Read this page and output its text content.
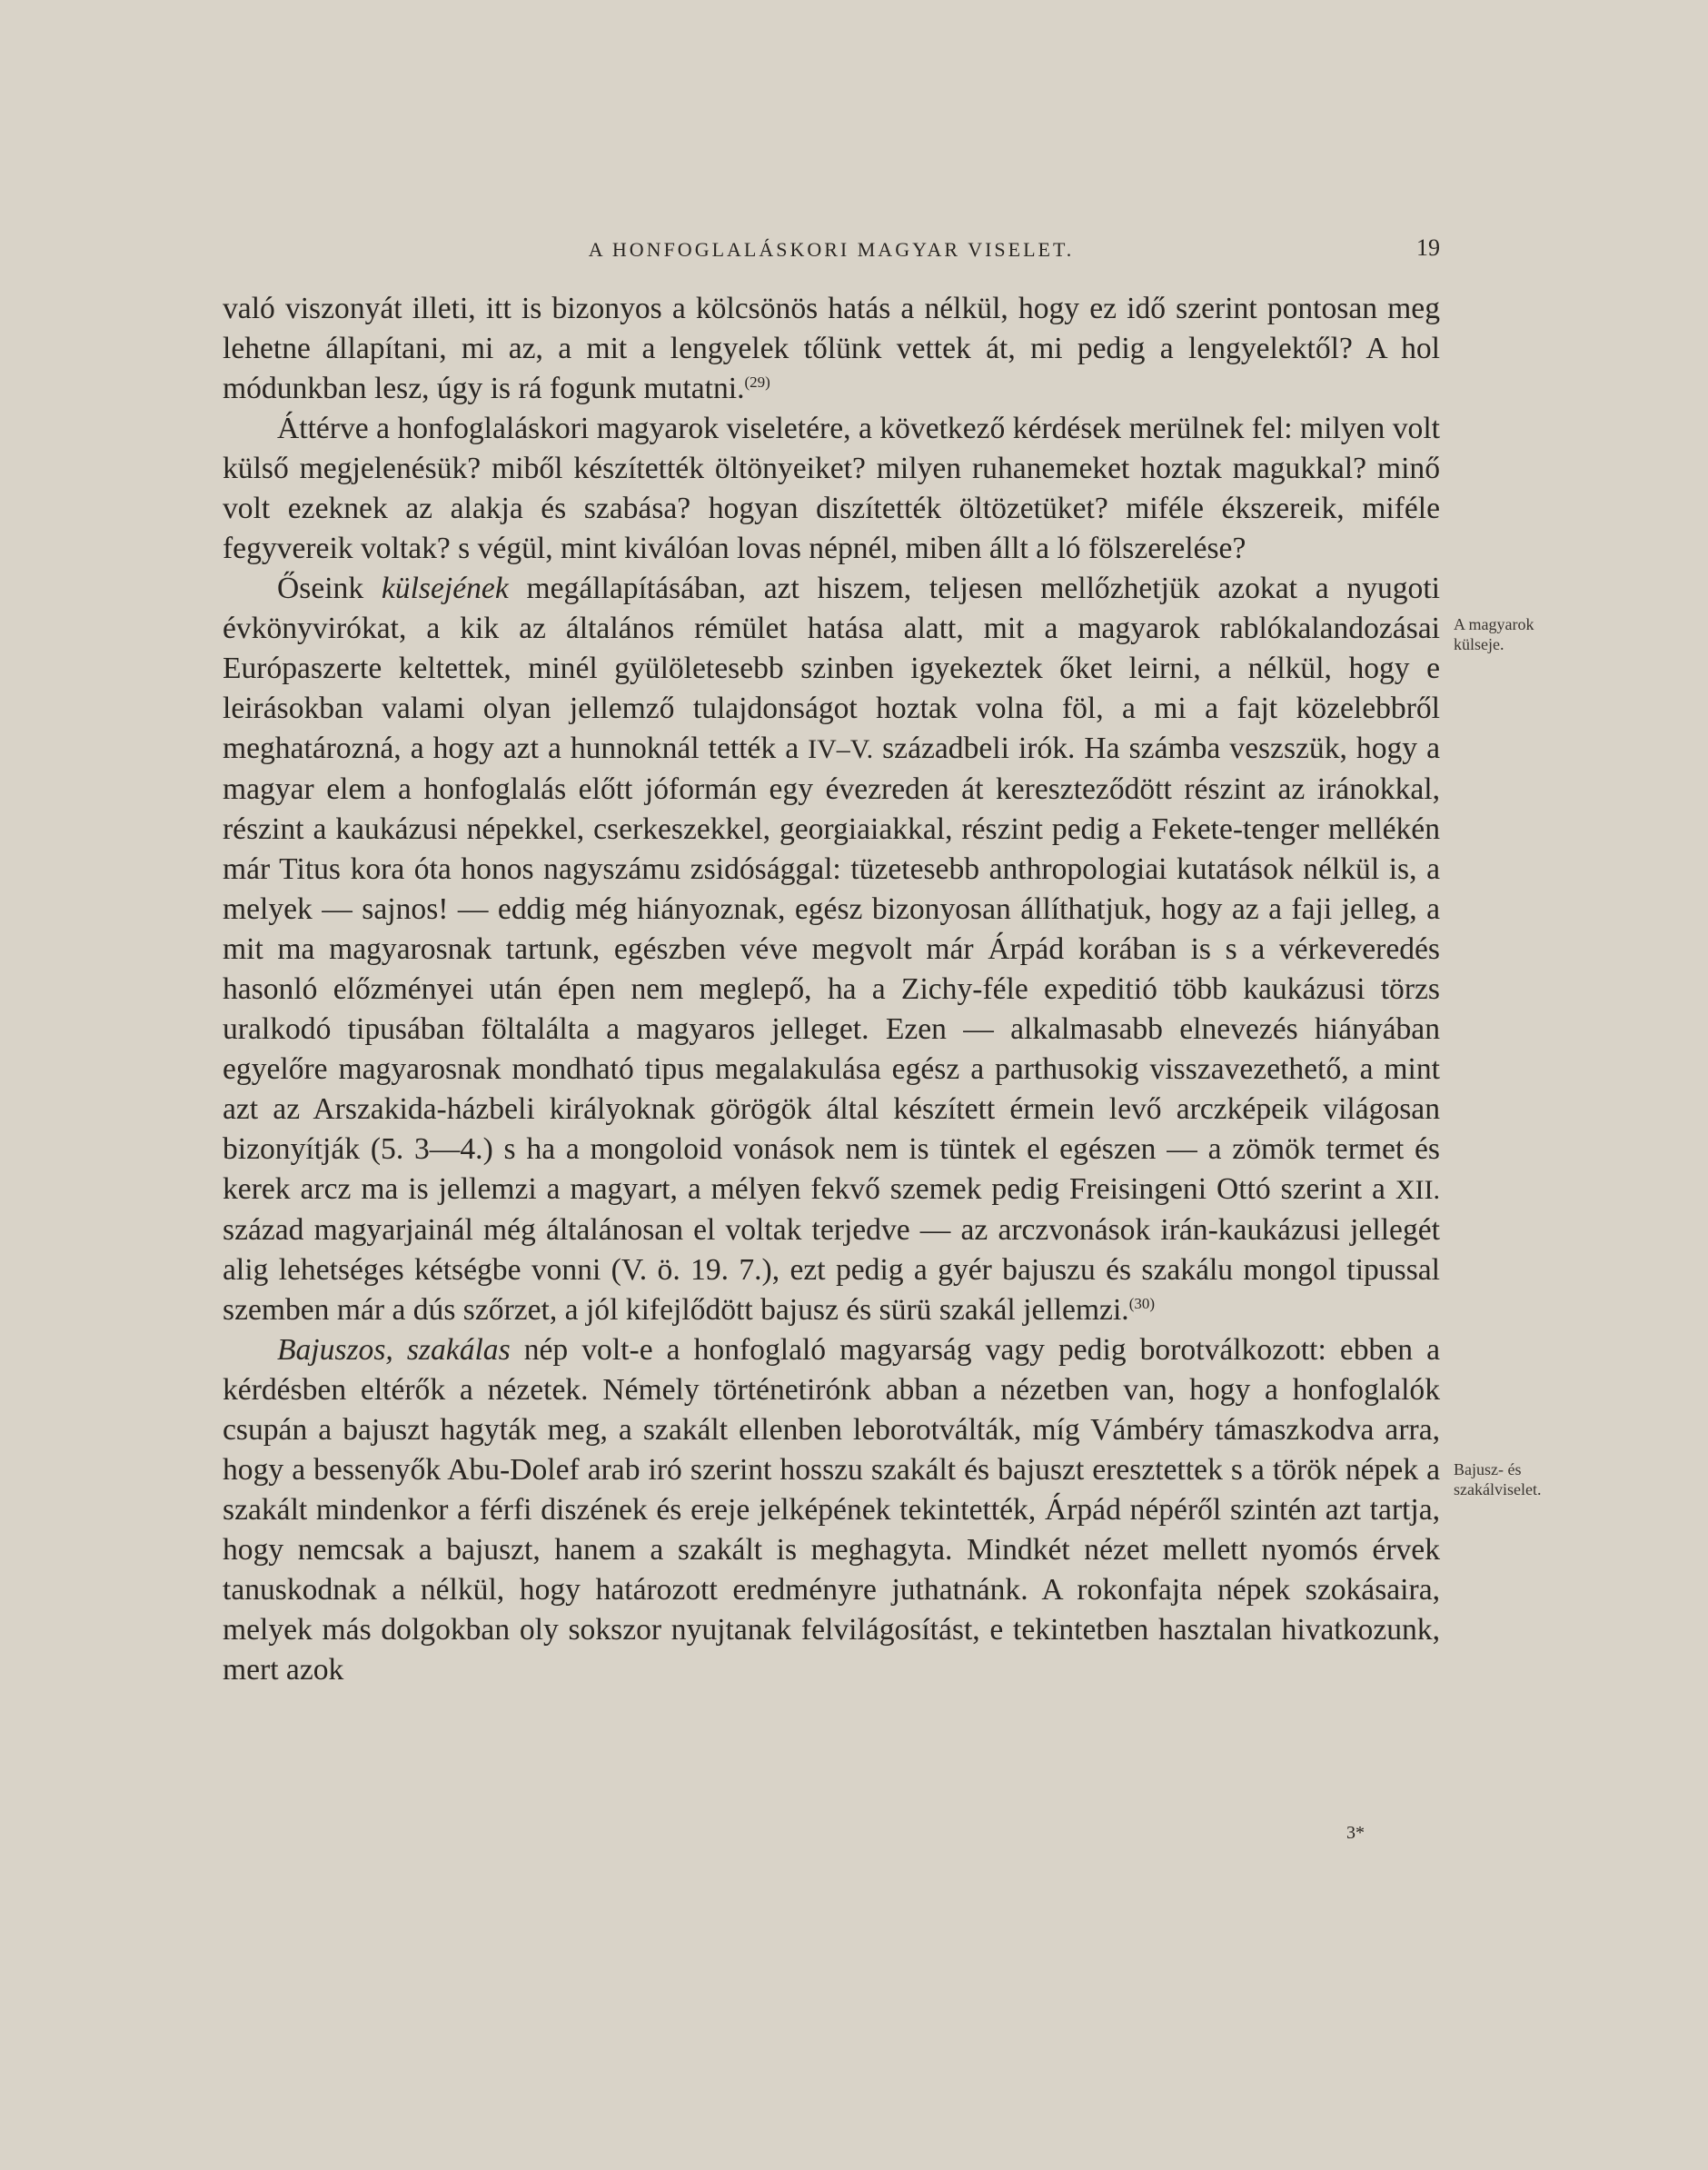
A HONFOGLALÁSKORI MAGYAR VISELET.	19

való viszonyát illeti, itt is bizonyos a kölcsönös hatás a nélkül, hogy ez idő szerint pontosan meg lehetne állapítani, mi az, a mit a lengyelek tőlünk vettek át, mi pedig a lengyelektől? A hol módunkban lesz, úgy is rá fogunk mutatni.$^{(29)}$

Áttérve a honfoglaláskori magyarok viseletére, a következő kérdések merülnek fel: milyen volt külső megjelenésük? miből készítették öltönyeiket? milyen ruhanemeket hoztak magukkal? minő volt ezeknek az alakja és szabása? hogyan diszítették öltözetüket? miféle ékszereik, miféle fegyvereik voltak? s végül, mint kiválóan lovas népnél, miben állt a ló fölszerelése?

Őseink külsejének megállapításában, azt hiszem, teljesen mellőzhetjük azokat a nyugoti évkönyvirókat, a kik az általános rémület hatása alatt, mit a magyarok rablókalandozásai Európaszerte keltettek, minél gyülöletesebb szinben igyekeztek őket leirni, a nélkül, hogy e leirásokban valami olyan jellemző tulajdonságot hoztak volna föl, a mi a fajt közelebbről meghatározná, a hogy azt a hunnoknál tették a IV–V. századbeli irók. Ha számba veszszük, hogy a magyar elem a honfoglalás előtt jóformán egy évezreden át kereszteződött részint az iránokkal, részint a kaukázusi népekkel, cserkeszekkel, georgiaiakkal, részint pedig a Fekete-tenger mellékén már Titus kora óta honos nagyszámu zsidósággal: tüzetesebb anthropologiai kutatások nélkül is, a melyek — sajnos! — eddig még hiányoznak, egész bizonyosan állíthatjuk, hogy az a faji jelleg, a mit ma magyarosnak tartunk, egészben véve megvolt már Árpád korában is s a vérkeveredés hasonló előzményei után épen nem meglepő, ha a Zichy-féle expeditió több kaukázusi törzs uralkodó tipusában föltalálta a magyaros jelleget. Ezen — alkalmasabb elnevezés hiányában egyelőre magyarosnak mondható tipus megalakulása egész a parthusokig visszavezethető, a mint azt az Arszakida-házbeli királyoknak görögök által készített érmein levő arczképeik világosan bizonyítják (5. 3—4.) s ha a mongoloid vonások nem is tüntek el egészen — a zömök termet és kerek arcz ma is jellemzi a magyart, a mélyen fekvő szemek pedig Freisingeni Ottó szerint a XII. század magyarjainál még általánosan el voltak terjedve — az arczvonások irán-kaukázusi jellegét alig lehetséges kétségbe vonni (V. ö. 19. 7.), ezt pedig a gyér bajuszu és szakálu mongol tipussal szemben már a dús szőrzet, a jól kifejlődött bajusz és sürü szakál jellemzi.$^{(30)}$

Bajuszos, szakálas nép volt-e a honfoglaló magyarság vagy pedig borotválkozott: ebben a kérdésben eltérők a nézetek. Némely történetirónk abban a nézetben van, hogy a honfoglalók csupán a bajuszt hagyták meg, a szakált ellenben leborotválták, míg Vámbéry támaszkodva arra, hogy a bessenyők Abu-Dolef arab iró szerint hosszu szakált és bajuszt eresztettek s a török népek a szakált mindenkor a férfi diszének és ereje jelképének tekintették, Árpád népéről szintén azt tartja, hogy nemcsak a bajuszt, hanem a szakált is meghagyta. Mindkét nézet mellett nyomós érvek tanuskodnak a nélkül, hogy határozott eredményre juthatnánk. A rokonfajta népek szokásaira, melyek más dolgokban oly sokszor nyujtanak felvilágosítást, e tekintetben hasztalan hivatkozunk, mert azok

A magyarok
külseje.
Bajusz- és
szakálviselet.
3*
